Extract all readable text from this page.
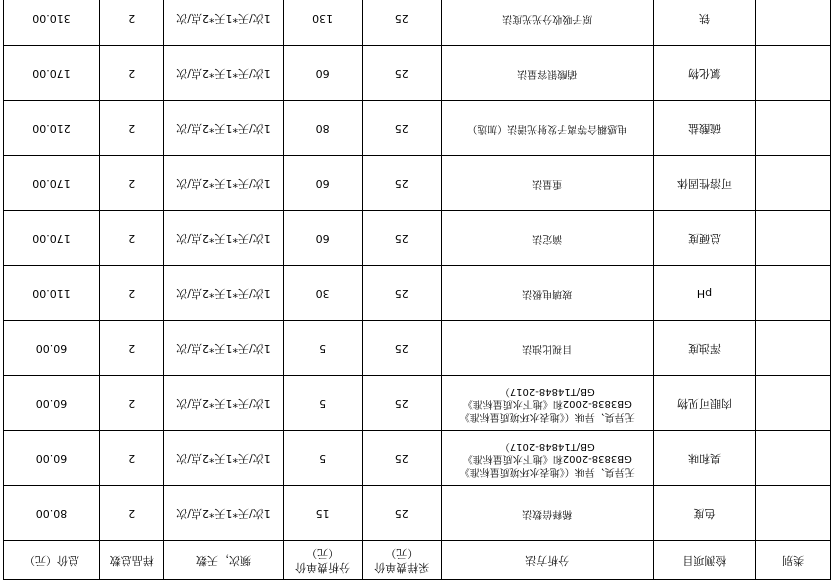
类别	检测项目	分析方法	采样费单价（元）	分析费单价（元）	频次，天数	样品总数	总价（元）
	色度	稀释倍数法	25	15	1次/天*1天*2点/次	2	80.00
	臭和味	无异臭、异味（《地表水环境质量标准》GB3838-2002和《地下水质量标准》GB/T14848-2017）	25	5	1次/天*1天*2点/次	2	60.00
	肉眼可见物	无异臭、异味（《地表水环境质量标准》GB3838-2002和《地下水质量标准》GB/T14848-2017）	25	5	1次/天*1天*2点/次	2	60.00
	浑浊度	目视比浊法	25	5	1次/天*1天*2点/次	2	60.00
	pH	玻璃电极法	25	30	1次/天*1天*2点/次	2	110.00
	总硬度	滴定法	25	60	1次/天*1天*2点/次	2	170.00
	可溶性固体	重量法	25	60	1次/天*1天*2点/次	2	170.00
	硫酸盐	电感耦合等离子发射光谱法（加选）	25	80	1次/天*1天*2点/次	2	210.00
	氯化物	硝酸银容量法	25	60	1次/天*1天*2点/次	2	170.00
	铁	原子吸收分光光度法	25	130	1次/天*1天*2点/次	2	310.00
